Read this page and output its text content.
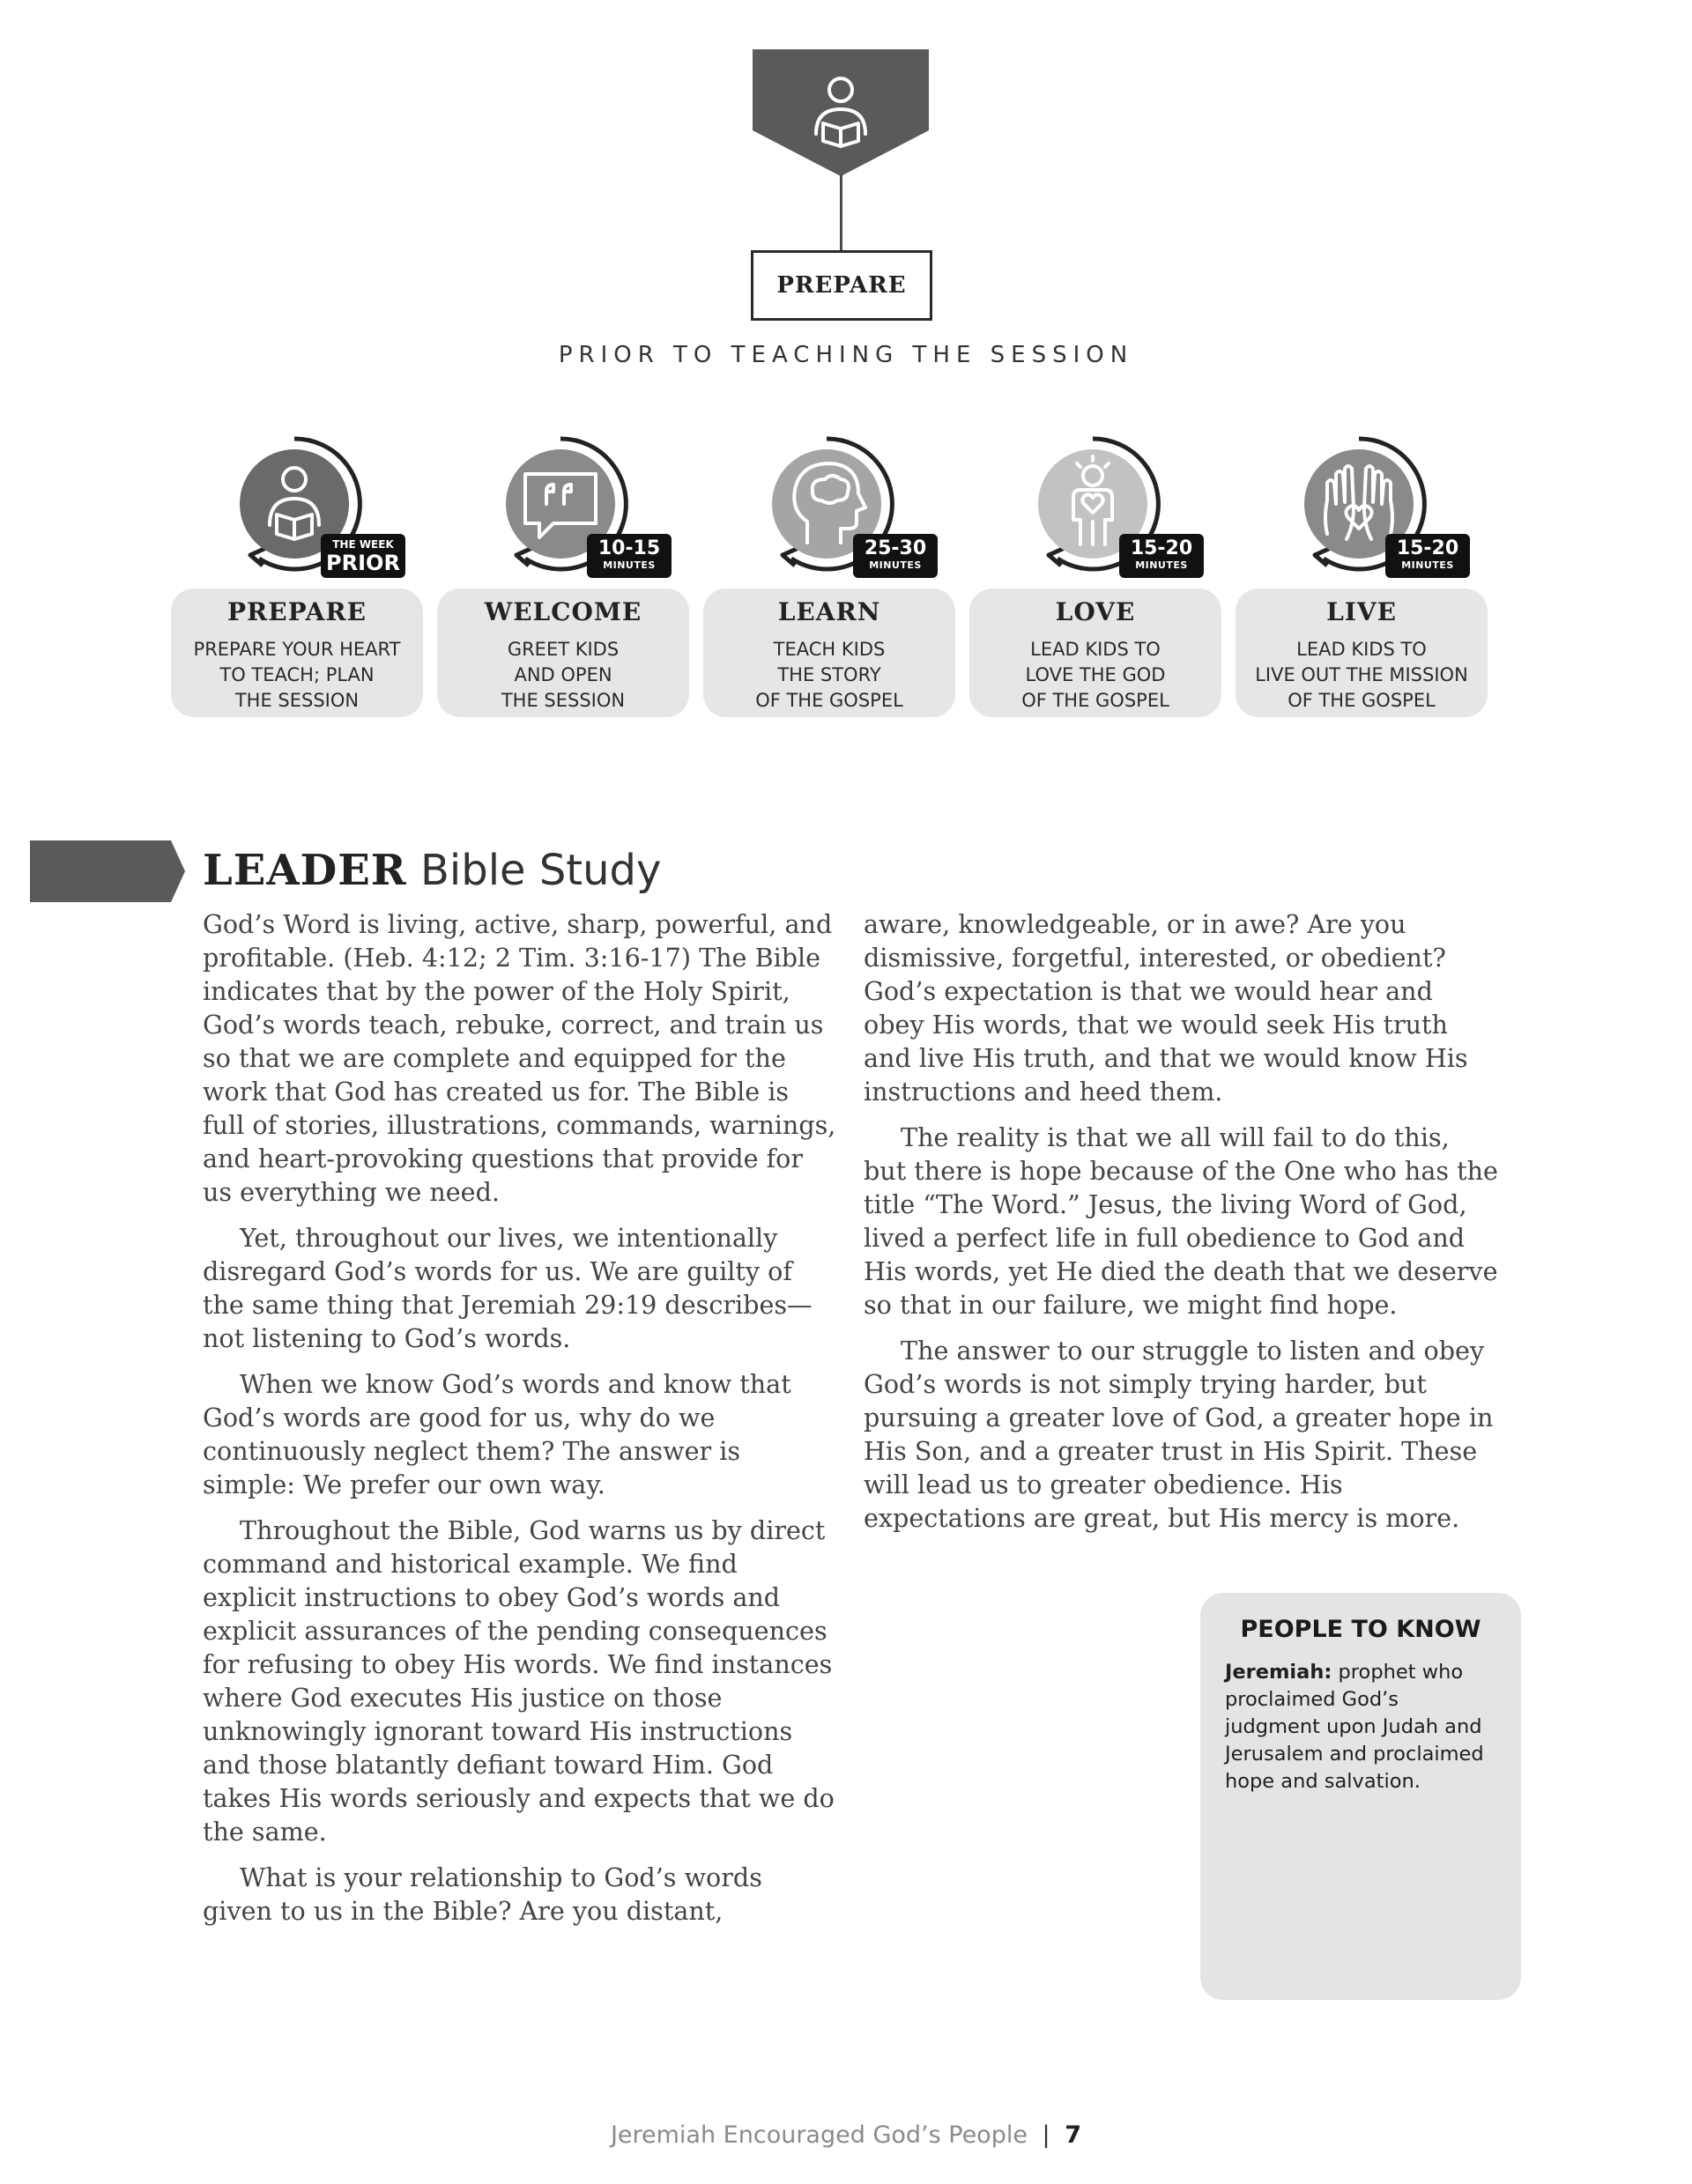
PREPARE
PRIOR TO TEACHING THE SESSION
THE WEEK
PRIOR
PREPARE
PREPARE YOUR HEART
TO TEACH; PLAN
THE SESSION
10-15
MINUTES
WELCOME
GREET KIDS
AND OPEN
THE SESSION
25-30
MINUTES
LEARN
TEACH KIDS
THE STORY
OF THE GOSPEL
15-20
MINUTES
LOVE
LEAD KIDS TO
LOVE THE GOD
OF THE GOSPEL
15-20
MINUTES
LIVE
LEAD KIDS TO
LIVE OUT THE MISSION
OF THE GOSPEL
LEADER Bible Study

God’s Word is living, active, sharp, powerful, and profitable. (Heb. 4:12; 2 Tim. 3:16-17) The Bible indicates that by the power of the Holy Spirit, God’s words teach, rebuke, correct, and train us so that we are complete and equipped for the work that God has created us for. The Bible is full of stories, illustrations, commands, warnings, and heart-provoking questions that provide for us everything we need.

Yet, throughout our lives, we intentionally disregard God’s words for us. We are guilty of the same thing that Jeremiah 29:19 describes—not listening to God’s words.

When we know God’s words and know that God’s words are good for us, why do we continuously neglect them? The answer is simple: We prefer our own way.

Throughout the Bible, God warns us by direct command and historical example. We find explicit instructions to obey God’s words and explicit assurances of the pending consequences for refusing to obey His words. We find instances where God executes His justice on those unknowingly ignorant toward His instructions and those blatantly defiant toward Him. God takes His words seriously and expects that we do the same.

What is your relationship to God’s words given to us in the Bible? Are you distant,

aware, knowledgeable, or in awe? Are you dismissive, forgetful, interested, or obedient? God’s expectation is that we would hear and obey His words, that we would seek His truth and live His truth, and that we would know His instructions and heed them.

The reality is that we all will fail to do this, but there is hope because of the One who has the title “The Word.” Jesus, the living Word of God, lived a perfect life in full obedience to God and His words, yet He died the death that we deserve so that in our failure, we might find hope.

The answer to our struggle to listen and obey God’s words is not simply trying harder, but pursuing a greater love of God, a greater hope in His Son, and a greater trust in His Spirit. These will lead us to greater obedience. His expectations are great, but His mercy is more.

PEOPLE TO KNOW
Jeremiah: prophet who proclaimed God’s judgment upon Judah and Jerusalem and proclaimed hope and salvation.
Jeremiah Encouraged God’s People | 7
